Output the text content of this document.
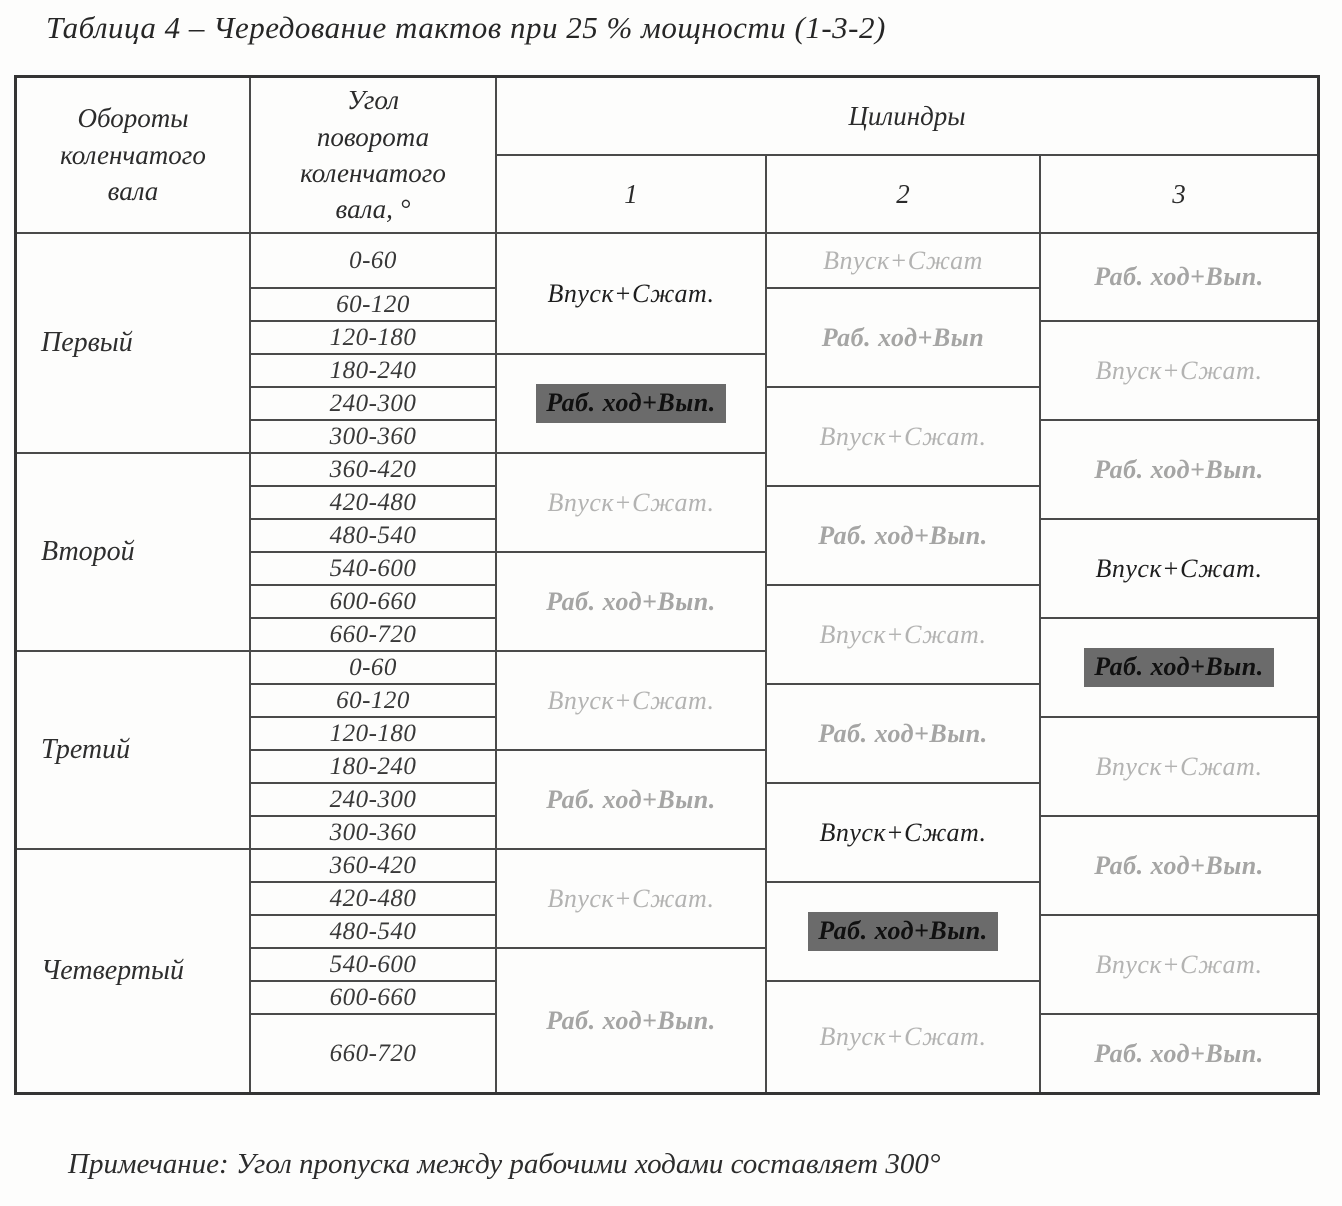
Таблица 4 – Чередование тактов при 25 % мощности (1-3-2)
Обороты
коленчатого
вала
Угол
поворота
коленчатого
вала, °
Цилиндры
1	2	3
Первый
Второй
Третий
Четвертый
0-60
60-120
120-180
180-240
240-300
300-360
360-420
420-480
480-540
540-600
600-660
660-720
0-60
60-120
120-180
180-240
240-300
300-360
360-420
420-480
480-540
540-600
600-660
660-720
Впуск+Сжат.
Раб. ход+Вып.
Впуск+Сжат.
Раб. ход+Вып.
Впуск+Сжат.
Раб. ход+Вып.
Впуск+Сжат.
Раб. ход+Вып.
Впуск+Сжат
Раб. ход+Вып
Впуск+Сжат.
Раб. ход+Вып.
Впуск+Сжат.
Раб. ход+Вып.
Впуск+Сжат.
Раб. ход+Вып.
Впуск+Сжат.
Раб. ход+Вып.
Впуск+Сжат.
Раб. ход+Вып.
Впуск+Сжат.
Раб. ход+Вып.
Впуск+Сжат.
Раб. ход+Вып.
Впуск+Сжат.
Раб. ход+Вып.
Примечание: Угол пропуска между рабочими ходами составляет 300°
